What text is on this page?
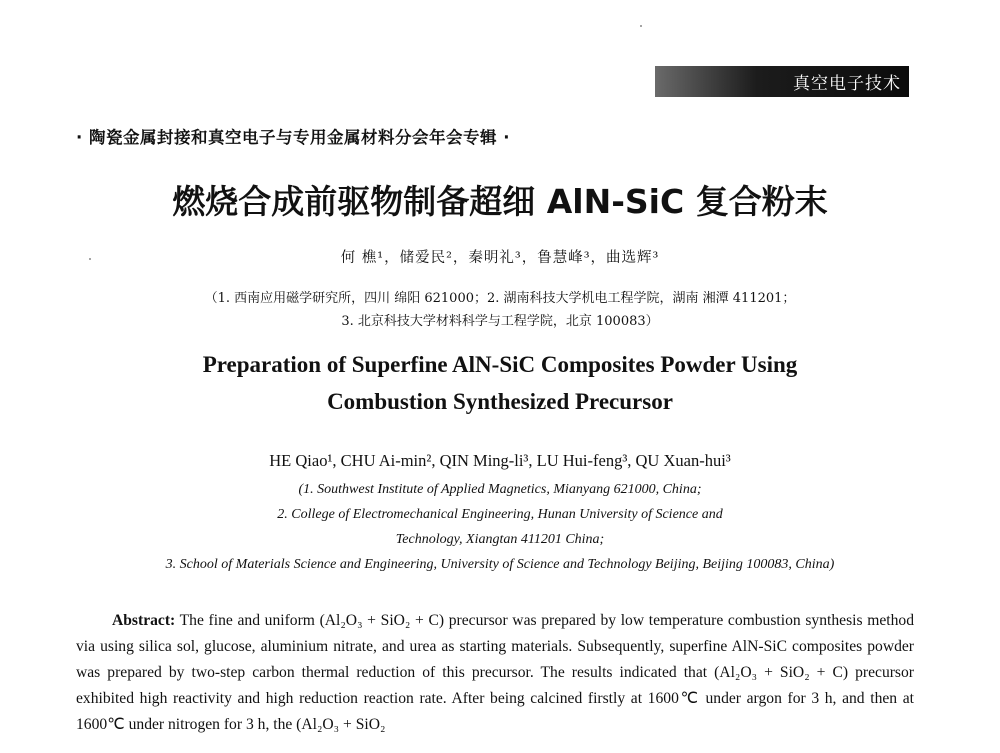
真空电子技术
· 陶瓷金属封接和真空电子与专用金属材料分会年会专辑 ·
燃烧合成前驱物制备超细 AlN-SiC 复合粉末
何 樵¹，储爱民²，秦明礼³，鲁慧峰³，曲选辉³
（1. 西南应用磁学研究所，四川 绵阳 621000；2. 湖南科技大学机电工程学院，湖南 湘潭 411201；
3. 北京科技大学材料科学与工程学院，北京 100083）
Preparation of Superfine AlN-SiC Composites Powder Using
Combustion Synthesized Precursor
HE Qiao¹, CHU Ai-min², QIN Ming-li³, LU Hui-feng³, QU Xuan-hui³
(1. Southwest Institute of Applied Magnetics, Mianyang 621000, China;
2. College of Electromechanical Engineering, Hunan University of Science and
Technology, Xiangtan 411201 China;
3. School of Materials Science and Engineering, University of Science and Technology Beijing, Beijing 100083, China)

Abstract: The fine and uniform (Al₂O₃ + SiO₂ + C) precursor was prepared by low temperature combustion synthesis method via using silica sol, glucose, aluminium nitrate, and urea as starting materials. Subsequently, superfine AlN-SiC composites powder was prepared by two-step carbon thermal reduction of this precursor. The results indicated that (Al₂O₃ + SiO₂ + C) precursor exhibited high reactivity and high reduction reaction rate. After being calcined firstly at 1600℃ under argon for 3 h, and then at 1600℃ under nitrogen for 3 h, the (Al₂O₃ + SiO₂
